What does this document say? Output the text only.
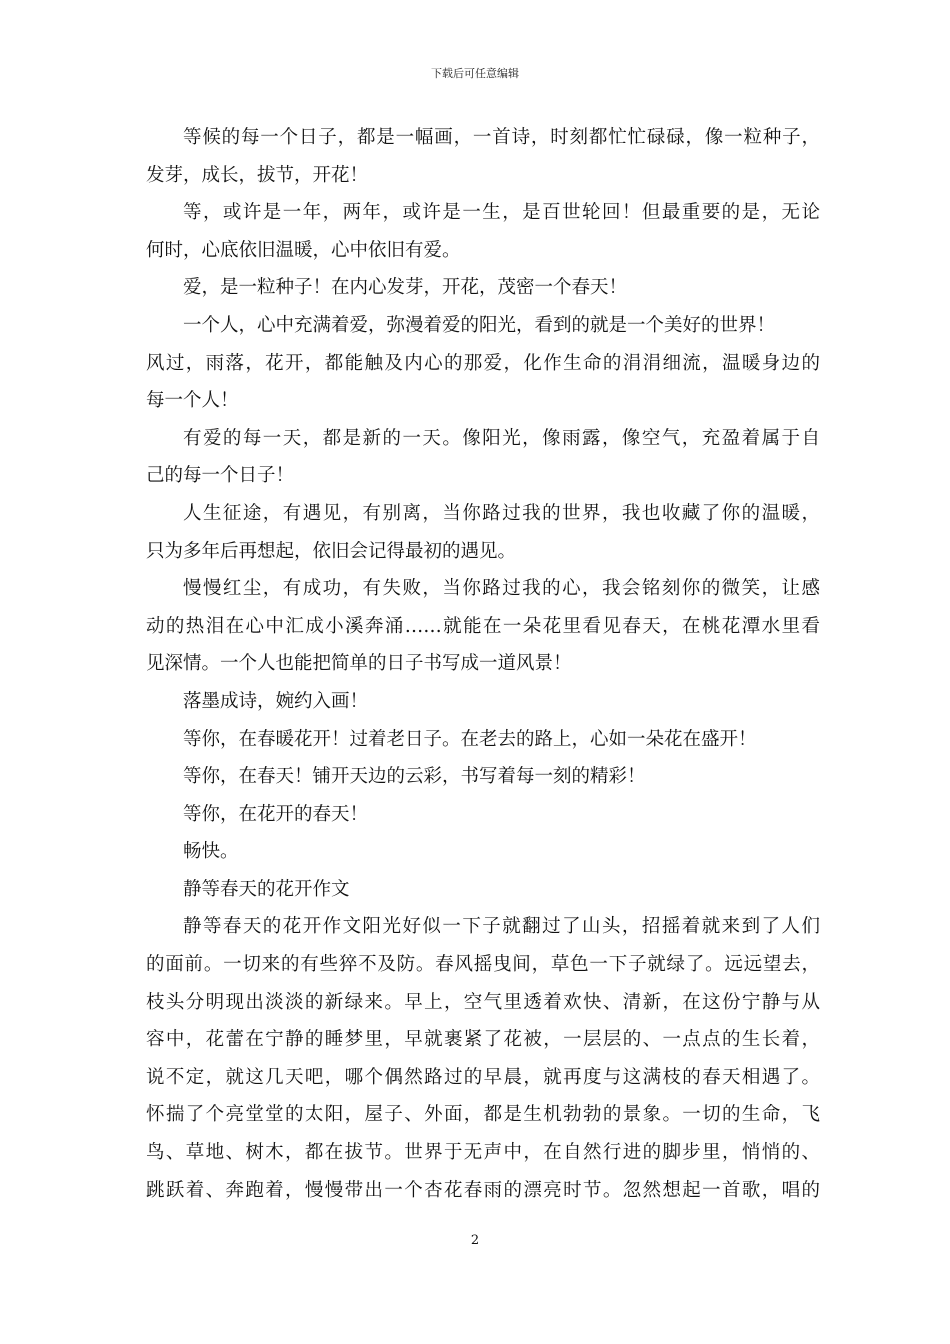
下载后可任意编辑
等候的每一个日子，都是一幅画，一首诗，时刻都忙忙碌碌，像一粒种子，
发芽，成长，拔节，开花！
等，或许是一年，两年，或许是一生，是百世轮回！但最重要的是，无论
何时，心底依旧温暖，心中依旧有爱。
爱，是一粒种子！在内心发芽，开花，茂密一个春天！
一个人，心中充满着爱，弥漫着爱的阳光，看到的就是一个美好的世界！
风过，雨落，花开，都能触及内心的那爱，化作生命的涓涓细流，温暖身边的
每一个人！
有爱的每一天，都是新的一天。像阳光，像雨露，像空气，充盈着属于自
己的每一个日子！
人生征途，有遇见，有别离，当你路过我的世界，我也收藏了你的温暖，
只为多年后再想起，依旧会记得最初的遇见。
慢慢红尘，有成功，有失败，当你路过我的心，我会铭刻你的微笑，让感
动的热泪在心中汇成小溪奔涌……就能在一朵花里看见春天，在桃花潭水里看
见深情。一个人也能把简单的日子书写成一道风景！
落墨成诗，婉约入画！
等你，在春暖花开！过着老日子。在老去的路上，心如一朵花在盛开！
等你，在春天！铺开天边的云彩，书写着每一刻的精彩！
等你，在花开的春天！
畅快。
静等春天的花开作文
静等春天的花开作文阳光好似一下子就翻过了山头，招摇着就来到了人们
的面前。一切来的有些猝不及防。春风摇曳间，草色一下子就绿了。远远望去，
枝头分明现出淡淡的新绿来。早上，空气里透着欢快、清新，在这份宁静与从
容中，花蕾在宁静的睡梦里，早就裹紧了花被，一层层的、一点点的生长着，
说不定，就这几天吧，哪个偶然路过的早晨，就再度与这满枝的春天相遇了。
怀揣了个亮堂堂的太阳，屋子、外面，都是生机勃勃的景象。一切的生命，飞
鸟、草地、树木，都在拔节。世界于无声中，在自然行进的脚步里，悄悄的、
跳跃着、奔跑着，慢慢带出一个杏花春雨的漂亮时节。忽然想起一首歌，唱的
2
